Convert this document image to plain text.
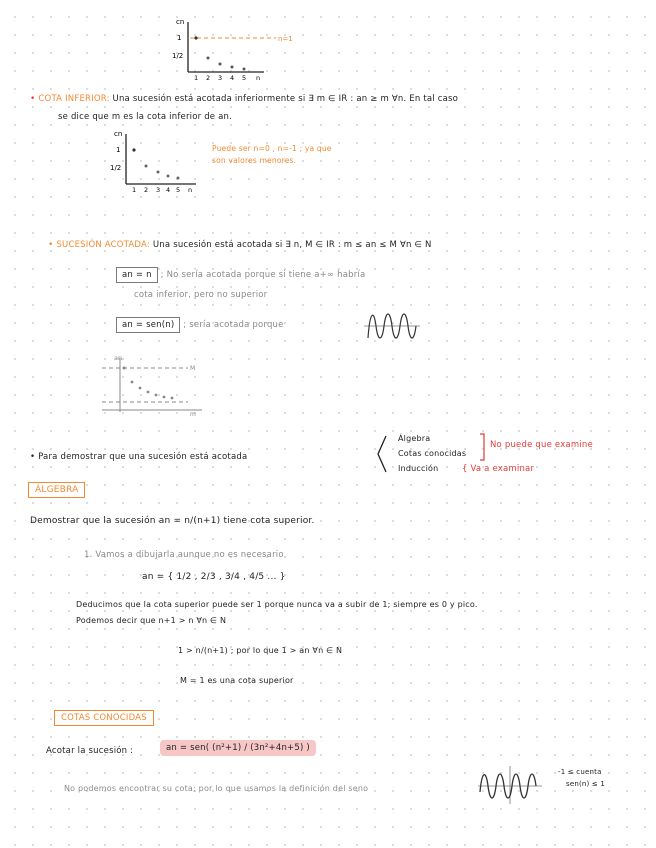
cn
1
1/2
n=1
1 2 3 4 5 n
• COTA INFERIOR: Una sucesión está acotada inferiormente si ∃ m ∈ IR : an ≥ m ∀n. En tal caso
se dice que m es la cota inferior de an.
cn
1
1/2
1 2 3 4 5 n
Puede ser n=0 , n=-1 ; ya que
son valores menores.
• SUCESIÓN ACOTADA: Una sucesión está acotada si ∃ n, M ∈ IR : m ≤ an ≤ M ∀n ∈ N
an = n ; No sería acotada porque si tiene a+∞ habría
cota inferior, pero no superior
an = sen(n) ; sería acotada porque
an
M
m
• Para demostrar que una sucesión está acotada
Álgebra
Cotas conocidas
Inducción
No puede que examine
{ Va a examinar
ÁLGEBRA
Demostrar que la sucesión an = n/(n+1) tiene cota superior.
1. Vamos a dibujarla aunque no es necesario
an = { 1/2 , 2/3 , 3/4 , 4/5 ... }
Deducimos que la cota superior puede ser 1 porque nunca va a subir de 1; siempre es 0 y pico.
Podemos decir que n+1 > n ∀n ∈ N
1 > n/(n+1) ; por lo que 1 > an ∀n ∈ N
M = 1 es una cota superior
COTAS CONOCIDAS
Acotar la sucesión :	an = sen( (n²+1) / (3n²+4n+5) )
No podemos encontrar su cota; por lo que usamos la definición del seno
-1 ≤ cuenta
sen(n) ≤ 1
